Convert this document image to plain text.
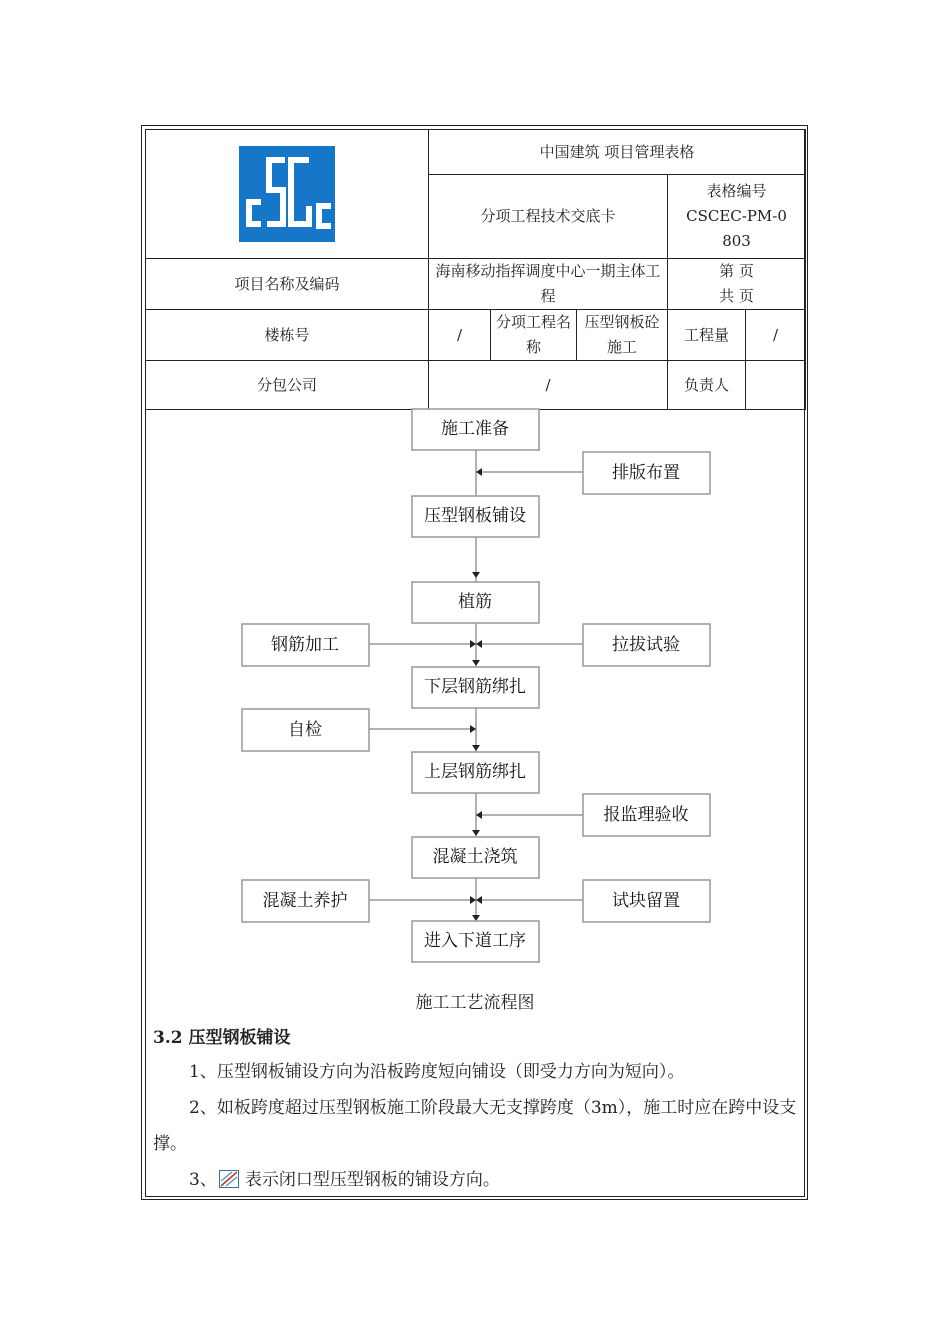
	中国建筑 项目管理表格				
	分项工程技术交底卡			表格编号
CSCEC-PM-0803	

项目名称及编码	海南移动指挥调度中心一期主体工程			第 页
共 页	

楼栋号	/	分项工程名称	压型钢板砼施工	工程量	/
分包公司	/			负责人	
施工准备
压型钢板铺设
植筋
下层钢筋绑扎
上层钢筋绑扎
混凝土浇筑
进入下道工序
排版布置
拉拔试验
报监理验收
试块留置
钢筋加工
自检
混凝土养护
施工工艺流程图
3.2 压型钢板铺设
1、压型钢板铺设方向为沿板跨度短向铺设（即受力方向为短向）。
2、如板跨度超过压型钢板施工阶段最大无支撑跨度（3m），施工时应在跨中设支撑。
3、 表示闭口型压型钢板的铺设方向。
